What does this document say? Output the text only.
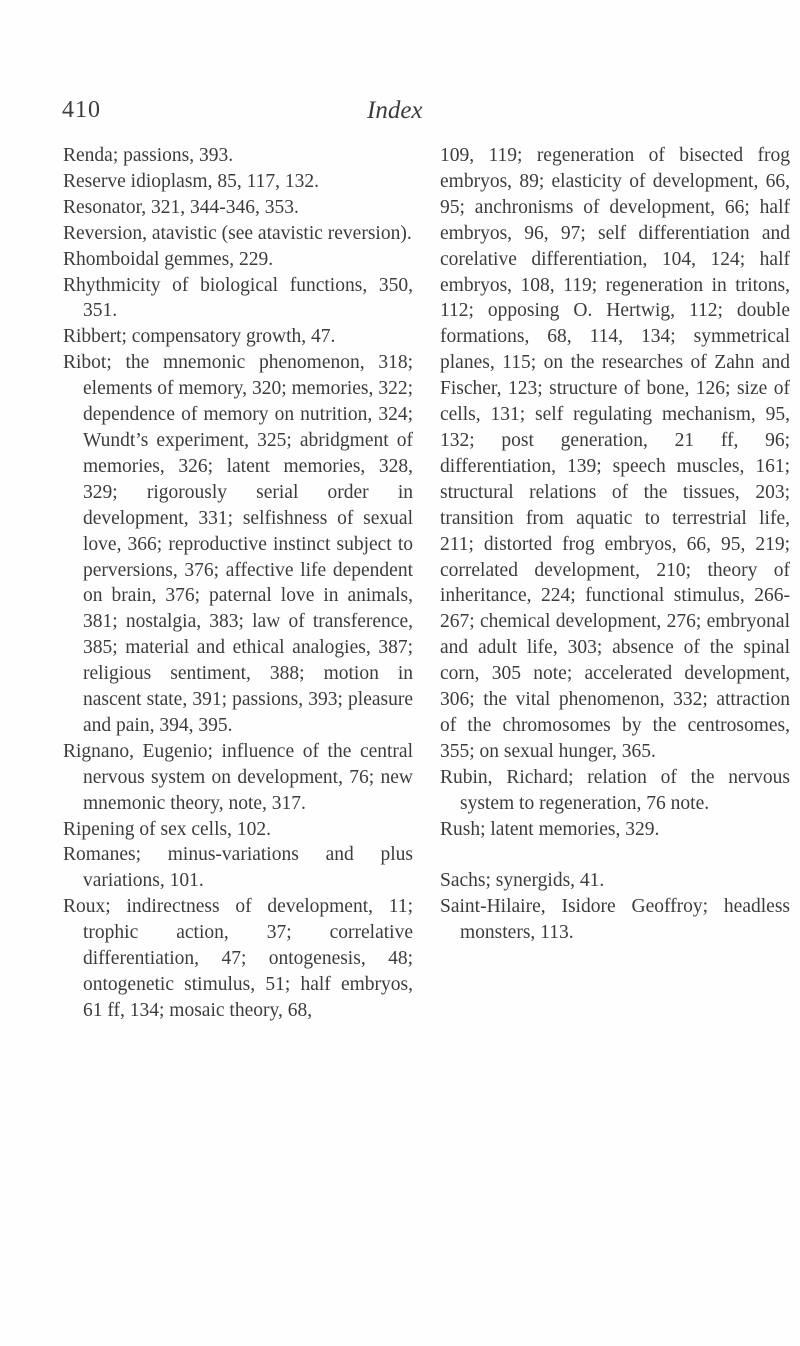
410	Index

Renda; passions, 393.

Reserve idioplasm, 85, 117, 132.

Resonator, 321, 344-346, 353.

Reversion, atavistic (see atavistic reversion).

Rhomboidal gemmes, 229.

Rhythmicity of biological functions, 350, 351.

Ribbert; compensatory growth, 47.

Ribot; the mnemonic phenomenon, 318; elements of memory, 320; memories, 322; dependence of memory on nutrition, 324; Wundt’s experiment, 325; abridgment of memories, 326; latent memories, 328, 329; rigorously serial order in development, 331; selfishness of sexual love, 366; reproductive instinct subject to perversions, 376; affective life dependent on brain, 376; paternal love in animals, 381; nostalgia, 383; law of transference, 385; material and ethical analogies, 387; religious sentiment, 388; motion in nascent state, 391; passions, 393; pleasure and pain, 394, 395.

Rignano, Eugenio; influence of the central nervous system on development, 76; new mnemonic theory, note, 317.

Ripening of sex cells, 102.

Romanes; minus-variations and plus variations, 101.

Roux; indirectness of development, 11; trophic action, 37; correlative differentiation, 47; ontogenesis, 48; ontogenetic stimulus, 51; half embryos, 61 ff, 134; mosaic theory, 68,

109, 119; regeneration of bisected frog embryos, 89; elasticity of development, 66, 95; anchronisms of development, 66; half embryos, 96, 97; self differentiation and corelative differentiation, 104, 124; half embryos, 108, 119; regeneration in tritons, 112; opposing O. Hertwig, 112; double formations, 68, 114, 134; symmetrical planes, 115; on the researches of Zahn and Fischer, 123; structure of bone, 126; size of cells, 131; self regulating mechanism, 95, 132; post generation, 21 ff, 96; differentiation, 139; speech muscles, 161; structural relations of the tissues, 203; transition from aquatic to terrestrial life, 211; distorted frog embryos, 66, 95, 219; correlated development, 210; theory of inheritance, 224; functional stimulus, 266-267; chemical development, 276; embryonal and adult life, 303; absence of the spinal corn, 305 note; accelerated development, 306; the vital phenomenon, 332; attraction of the chromosomes by the centrosomes, 355; on sexual hunger, 365.

Rubin, Richard; relation of the nervous system to regeneration, 76 note.

Rush; latent memories, 329.

Sachs; synergids, 41.

Saint-Hilaire, Isidore Geoffroy; headless monsters, 113.
